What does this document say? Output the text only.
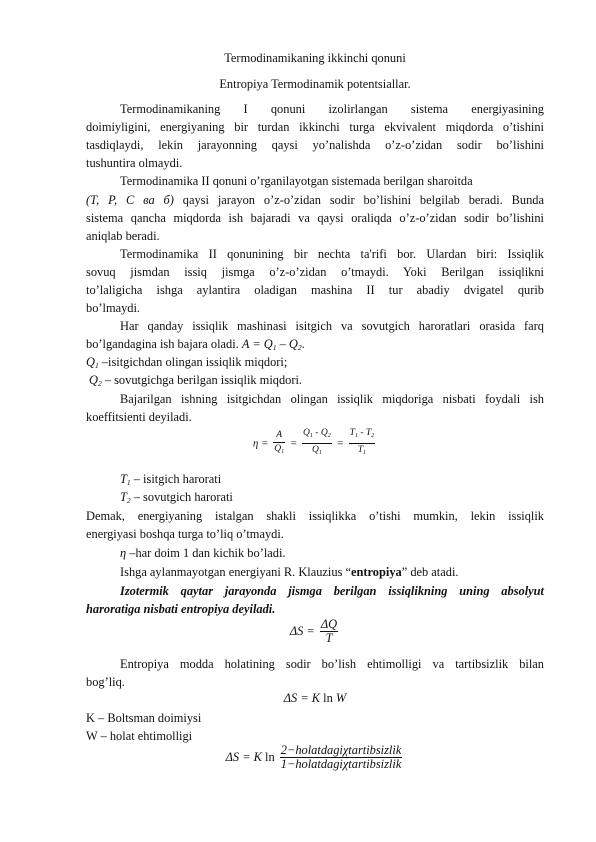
Termodinamikaning ikkinchi qonuni
Entropiya Termodinamik potentsiallar.
Termodinamikaning I qonuni izolirlangan sistema energiyasining
doimiyligini, energiyaning bir turdan ikkinchi turga ekvivalent miqdorda o’tishini
tasdiqlaydi, lekin jarayonning qaysi yo’nalishda o’z-o’zidan sodir bo’lishini
tushuntira olmaydi.
Termodinamika II qonuni o’rganilayotgan sistemada berilgan sharoitda
(T, P, C ва б) qaysi jarayon o’z-o’zidan sodir bo’lishini belgilab beradi. Bunda
sistema qancha miqdorda ish bajaradi va qaysi oraliqda o’z-o’zidan sodir bo’lishini
aniqlab beradi.
Termodinamika II qonunining bir nechta ta'rifi bor. Ulardan biri: Issiqlik
sovuq jismdan issiq jismga o’z-o’zidan o’tmaydi. Yoki Berilgan issiqlikni
to’laligicha ishga aylantira oladigan mashina II tur abadiy dvigatel qurib
bo’lmaydi.
Har qanday issiqlik mashinasi isitgich va sovutgich haroratlari orasida farq
bo’lgandagina ish bajara oladi. $A = Q_1 - Q_2$.
$Q_1$ –isitgichdan olingan issiqlik miqdori;
$Q_2$ – sovutgichga berilgan issiqlik miqdori.
Bajarilgan ishning isitgichdan olingan issiqlik miqdoriga nisbati foydali ish
koeffitsienti deyiladi.
$\eta = \frac{A}{Q_1} = \frac{Q_1 - Q_2}{Q_1} = \frac{T_1 - T_2}{T_1}$
$T_1$ – isitgich harorati
$T_2$ – sovutgich harorati
Demak, energiyaning istalgan shakli issiqlikka o’tishi mumkin, lekin issiqlik
energiyasi boshqa turga to’liq o’tmaydi.
η –har doim 1 dan kichik bo’ladi.
Ishga aylanmayotgan energiyani R. Klauzius “entropiya” deb atadi.
Izotermik qaytar jarayonda jismga berilgan issiqlikning uning absolyut
haroratiga nisbati entropiya deyiladi.
$\Delta S = \frac{\Delta Q}{T}$
Entropiya modda holatining sodir bo’lish ehtimolligi va tartibsizlik bilan
bog’liq.
ΔS = K ln W
K – Boltsman doimiysi
W – holat ehtimolligi
ΔS = K $\ln \frac{\text{2−holatdagiχtartibsizlik}}{\text{1−holatdagiχtartibsizlik}}$
